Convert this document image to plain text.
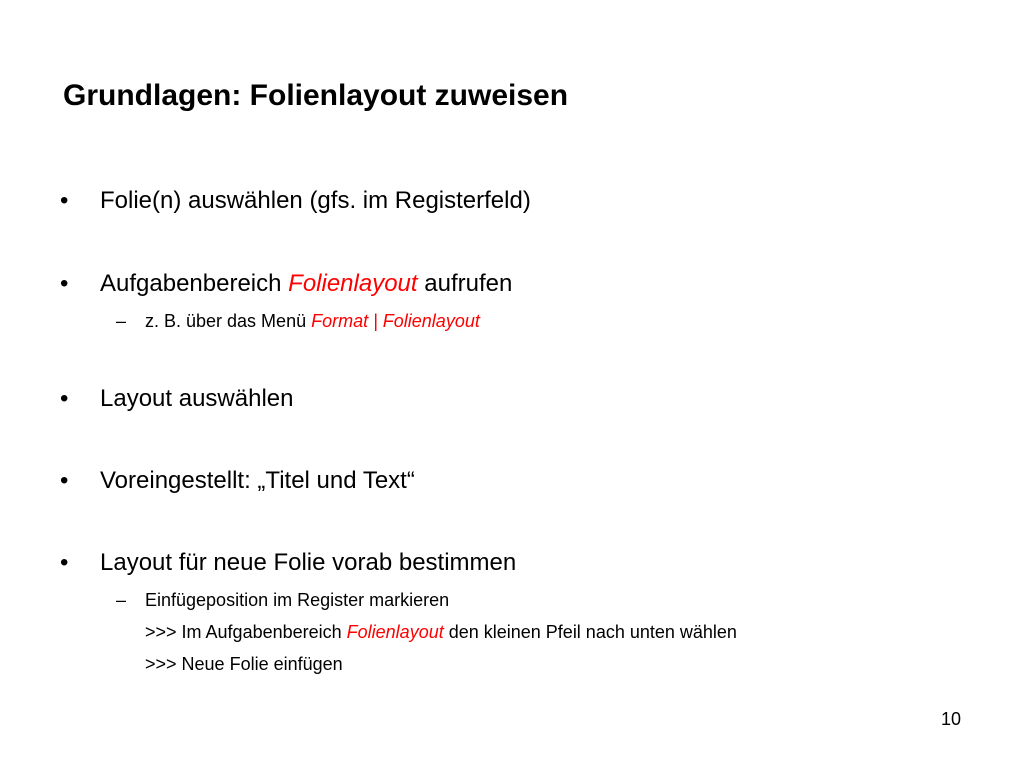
Grundlagen: Folienlayout zuweisen
• Folie(n) auswählen (gfs. im Registerfeld)
• Aufgabenbereich Folienlayout aufrufen
– z. B. über das Menü Format | Folienlayout
• Layout auswählen
• Voreingestellt: „Titel und Text“
• Layout für neue Folie vorab bestimmen
– Einfügeposition im Register markieren
>>> Im Aufgabenbereich Folienlayout den kleinen Pfeil nach unten wählen
>>> Neue Folie einfügen
10
